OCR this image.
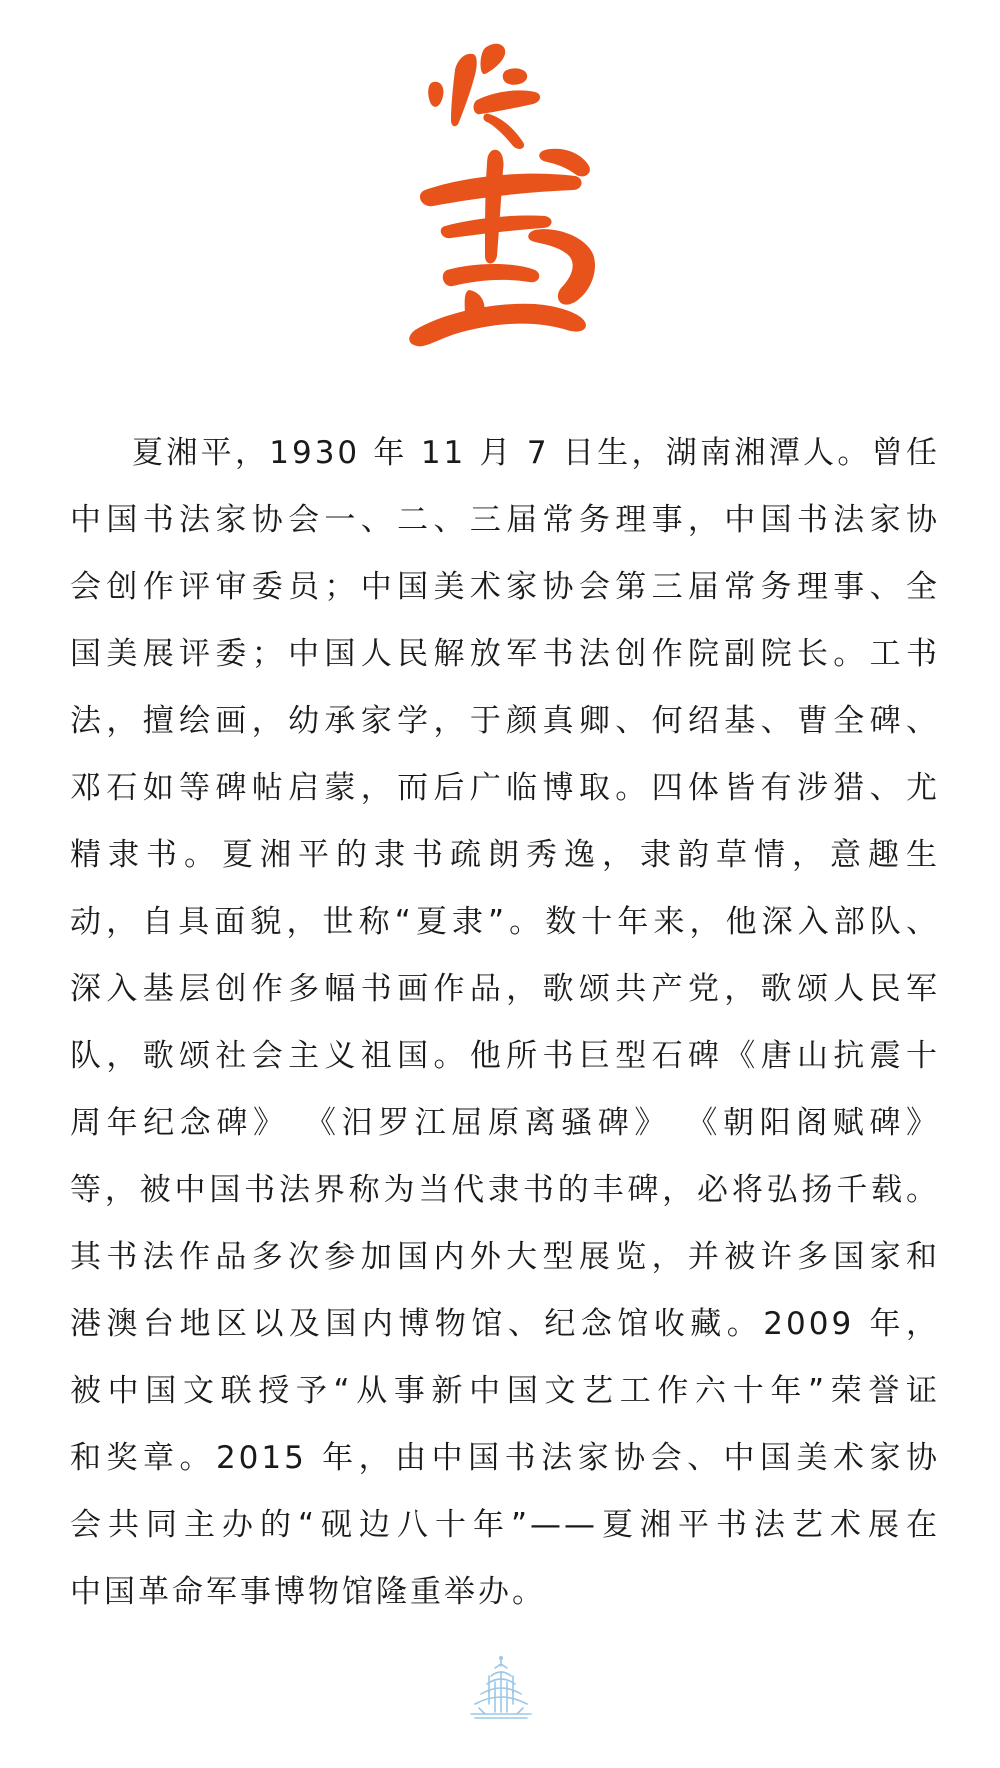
夏湘平，1930 年 11 月 7 日生，湖南湘潭人。曾任
中国书法家协会一、二、三届常务理事，中国书法家协
会创作评审委员；中国美术家协会第三届常务理事、全
国美展评委；中国人民解放军书法创作院副院长。工书
法，擅绘画，幼承家学，于颜真卿、何绍基、曹全碑、
邓石如等碑帖启蒙，而后广临博取。四体皆有涉猎、尤
精隶书。夏湘平的隶书疏朗秀逸，隶韵草情，意趣生
动，自具面貌，世称“夏隶”。数十年来，他深入部队、
深入基层创作多幅书画作品，歌颂共产党，歌颂人民军
队，歌颂社会主义祖国。他所书巨型石碑《唐山抗震十
周年纪念碑》 《汨罗江屈原离骚碑》 《朝阳阁赋碑》
等，被中国书法界称为当代隶书的丰碑，必将弘扬千载。
其书法作品多次参加国内外大型展览，并被许多国家和
港澳台地区以及国内博物馆、纪念馆收藏。2009 年，
被中国文联授予“从事新中国文艺工作六十年”荣誉证
和奖章。2015 年，由中国书法家协会、中国美术家协
会共同主办的“砚边八十年”——夏湘平书法艺术展在
中国革命军事博物馆隆重举办。
